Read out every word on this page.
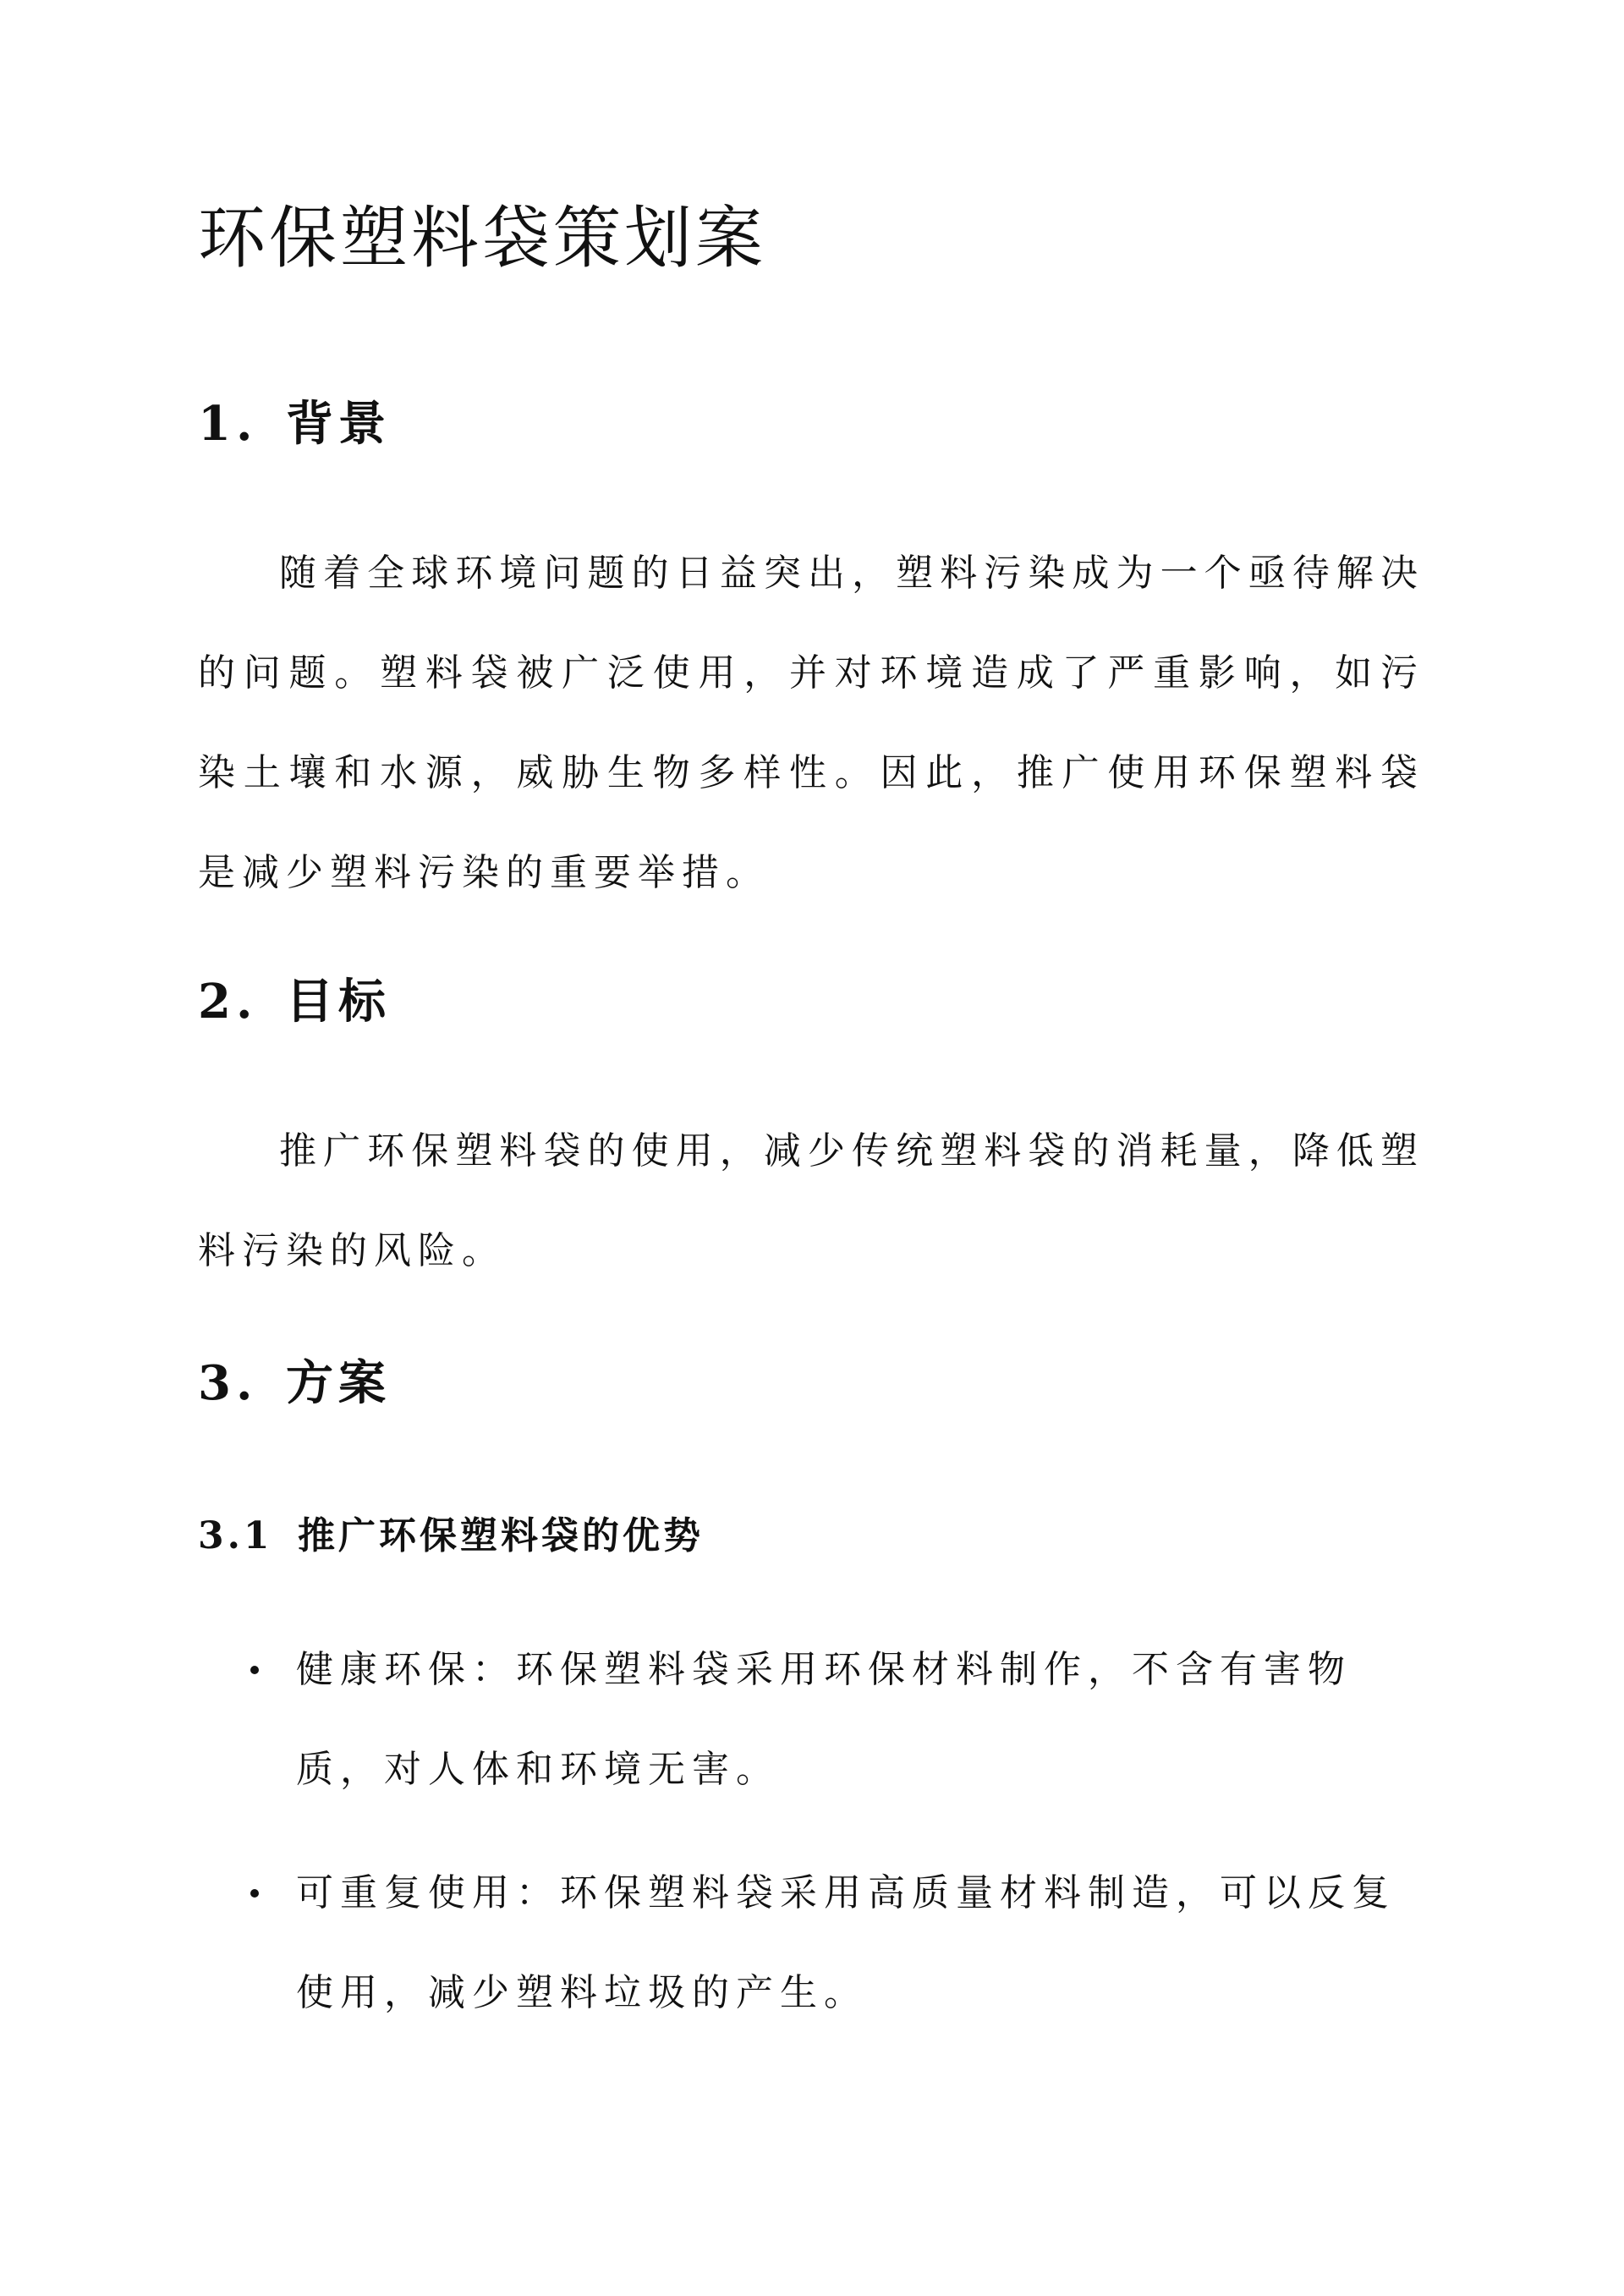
环保塑料袋策划案
1. 背景

随着全球环境问题的日益突出，塑料污染成为一个亟待解决的问题。塑料袋被广泛使用，并对环境造成了严重影响，如污染土壤和水源，威胁生物多样性。因此，推广使用环保塑料袋是减少塑料污染的重要举措。

2. 目标

推广环保塑料袋的使用，减少传统塑料袋的消耗量，降低塑料污染的风险。

3. 方案
3.1 推广环保塑料袋的优势
健康环保：环保塑料袋采用环保材料制作，不含有害物质，对人体和环境无害。
可重复使用：环保塑料袋采用高质量材料制造，可以反复使用，减少塑料垃圾的产生。
